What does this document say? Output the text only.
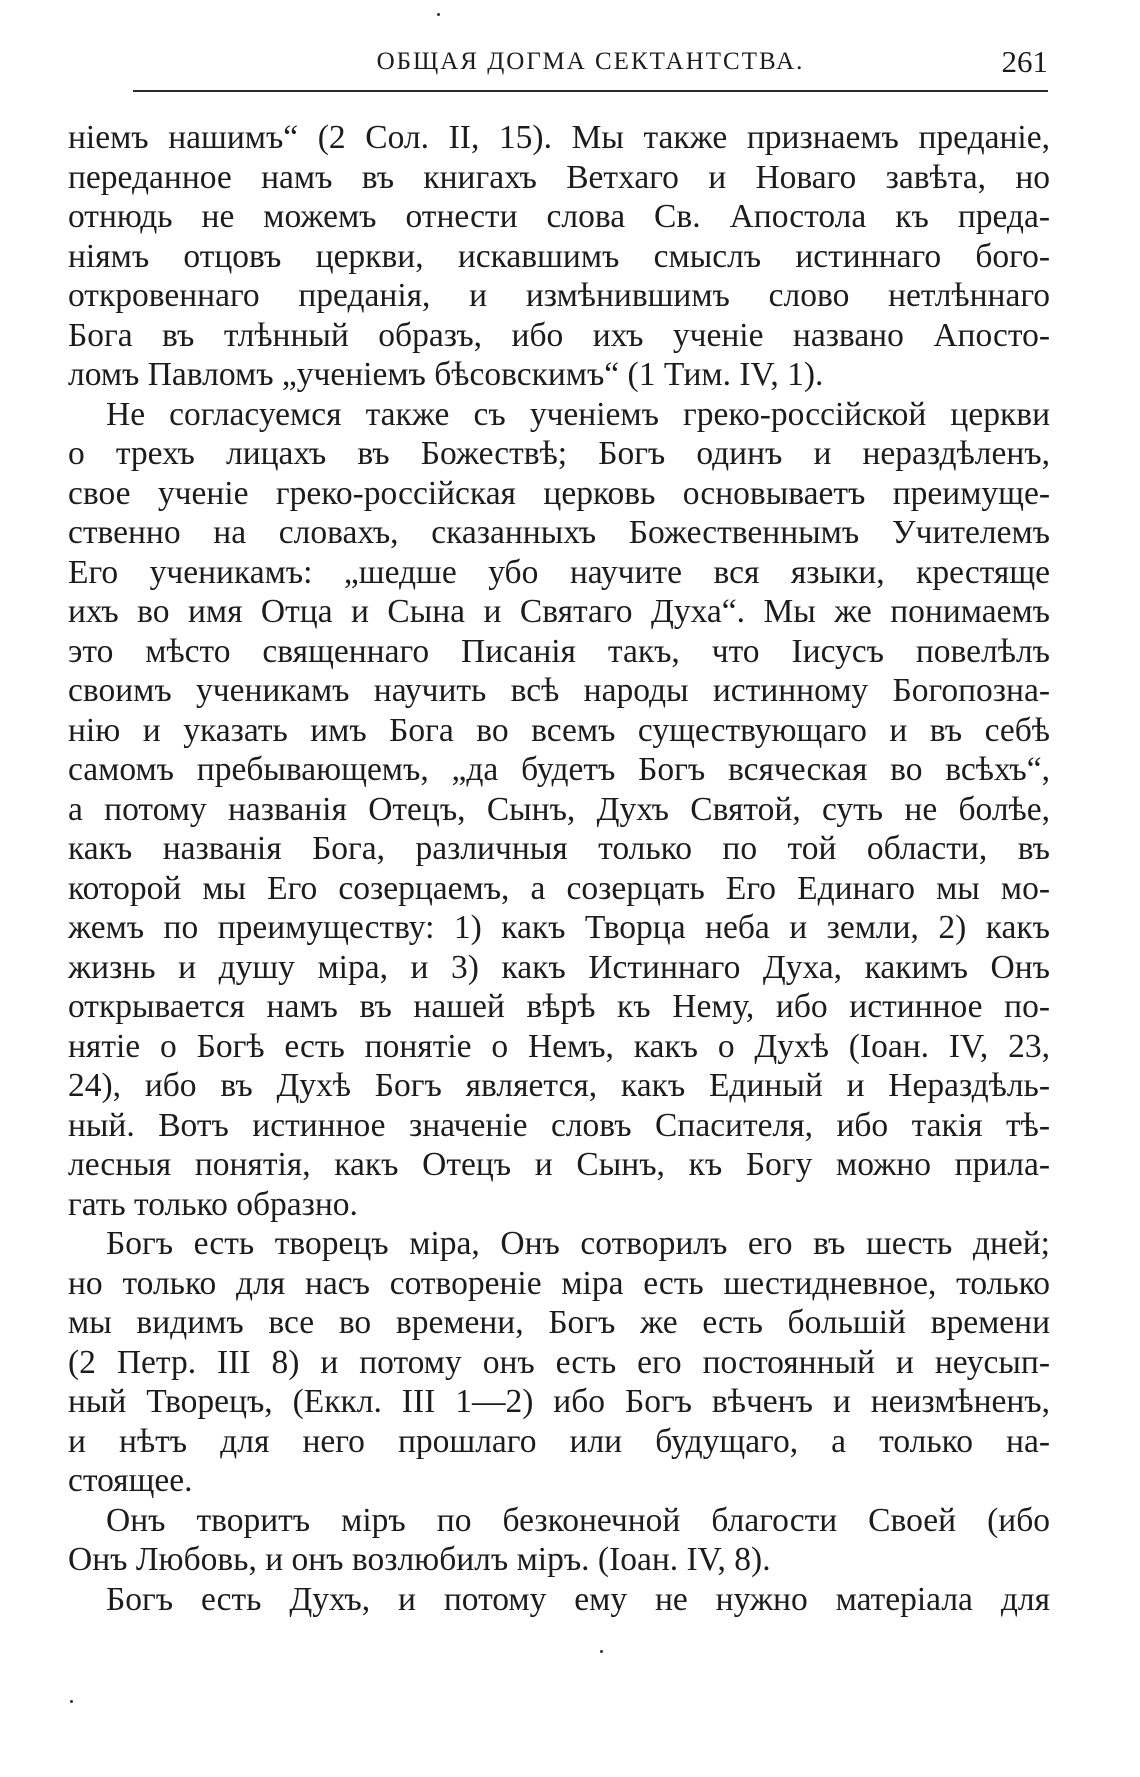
ОБЩАЯ ДОГМА СЕКТАНТСТВА.	261
ніемъ нашимъ“ (2 Сол. II, 15). Мы также признаемъ преданіе,
переданное намъ въ книгахъ Ветхаго и Новаго завѣта, но
отнюдь не можемъ отнести слова Св. Апостола къ преда-
ніямъ отцовъ церкви, искавшимъ смыслъ истиннаго бого-
откровеннаго преданія, и измѣнившимъ слово нетлѣннаго
Бога въ тлѣнный образъ, ибо ихъ ученіе названо Апосто-
ломъ Павломъ „ученіемъ бѣсовскимъ“ (1 Тим. IV, 1).
Не согласуемся также съ ученіемъ греко-россійской церкви
о трехъ лицахъ въ Божествѣ; Богъ одинъ и нераздѣленъ,
свое ученіе греко-россійская церковь основываетъ преимуще-
ственно на словахъ, сказанныхъ Божественнымъ Учителемъ
Его ученикамъ: „шедше убо научите вся языки, крестяще
ихъ во имя Отца и Сына и Святаго Духа“. Мы же понимаемъ
это мѣсто священнаго Писанія такъ, что Іисусъ повелѣлъ
своимъ ученикамъ научить всѣ народы истинному Богопозна-
нію и указать имъ Бога во всемъ существующаго и въ себѣ
самомъ пребывающемъ, „да будетъ Богъ всяческая во всѣхъ“,
а потому названія Отецъ, Сынъ, Духъ Святой, суть не болѣе,
какъ названія Бога, различныя только по той области, въ
которой мы Его созерцаемъ, а созерцать Его Единаго мы мо-
жемъ по преимуществу: 1) какъ Творца неба и земли, 2) какъ
жизнь и душу міра, и 3) какъ Истиннаго Духа, какимъ Онъ
открывается намъ въ нашей вѣрѣ къ Нему, ибо истинное по-
нятіе о Богѣ есть понятіе о Немъ, какъ о Духѣ (Іоан. IV, 23,
24), ибо въ Духѣ Богъ является, какъ Единый и Нераздѣль-
ный. Вотъ истинное значеніе словъ Спасителя, ибо такія тѣ-
лесныя понятія, какъ Отецъ и Сынъ, къ Богу можно прила-
гать только образно.
Богъ есть творецъ міра, Онъ сотворилъ его въ шесть дней;
но только для насъ сотвореніе міра есть шестидневное, только
мы видимъ все во времени, Богъ же есть большій времени
(2 Петр. III 8) и потому онъ есть его постоянный и неусып-
ный Творецъ, (Еккл. III 1—2) ибо Богъ вѣченъ и неизмѣненъ,
и нѣтъ для него прошлаго или будущаго, а только на-
стоящее.
Онъ творитъ міръ по безконечной благости Своей (ибо
Онъ Любовь, и онъ возлюбилъ міръ. (Іоан. IV, 8).
Богъ есть Духъ, и потому ему не нужно матеріала для
